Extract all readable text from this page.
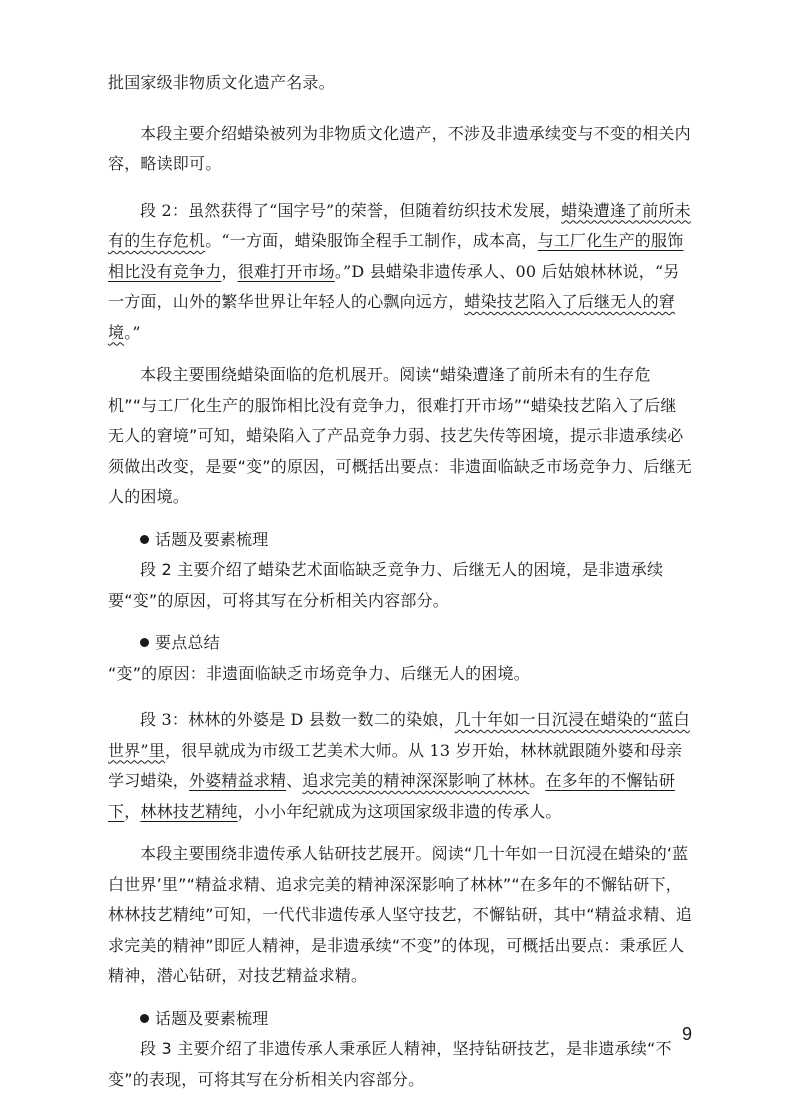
批国家级非物质文化遗产名录。

本段主要介绍蜡染被列为非物质文化遗产，不涉及非遗承续变与不变的相关内容，略读即可。

段 2：虽然获得了“国字号”的荣誉，但随着纺织技术发展，蜡染遭逢了前所未有的生存危机。“一方面，蜡染服饰全程手工制作，成本高，与工厂化生产的服饰相比没有竞争力，很难打开市场。”D 县蜡染非遗传承人、00 后姑娘林林说，“另一方面，山外的繁华世界让年轻人的心飘向远方，蜡染技艺陷入了后继无人的窘境。”

本段主要围绕蜡染面临的危机展开。阅读“蜡染遭逢了前所未有的生存危机”“与工厂化生产的服饰相比没有竞争力，很难打开市场”“蜡染技艺陷入了后继无人的窘境”可知，蜡染陷入了产品竞争力弱、技艺失传等困境，提示非遗承续必须做出改变，是要“变”的原因，可概括出要点：非遗面临缺乏市场竞争力、后继无人的困境。

话题及要素梳理

段 2 主要介绍了蜡染艺术面临缺乏竞争力、后继无人的困境，是非遗承续要“变”的原因，可将其写在分析相关内容部分。

要点总结

“变”的原因：非遗面临缺乏市场竞争力、后继无人的困境。

段 3：林林的外婆是 D 县数一数二的染娘，几十年如一日沉浸在蜡染的“蓝白世界”里，很早就成为市级工艺美术大师。从 13 岁开始，林林就跟随外婆和母亲学习蜡染，外婆精益求精、追求完美的精神深深影响了林林。在多年的不懈钻研下，林林技艺精纯，小小年纪就成为这项国家级非遗的传承人。

本段主要围绕非遗传承人钻研技艺展开。阅读“几十年如一日沉浸在蜡染的‘蓝白世界’里”“精益求精、追求完美的精神深深影响了林林”“在多年的不懈钻研下，林林技艺精纯”可知，一代代非遗传承人坚守技艺，不懈钻研，其中“精益求精、追求完美的精神”即匠人精神，是非遗承续“不变”的体现，可概括出要点：秉承匠人精神，潜心钻研，对技艺精益求精。

话题及要素梳理

段 3 主要介绍了非遗传承人秉承匠人精神，坚持钻研技艺，是非遗承续“不变”的表现，可将其写在分析相关内容部分。

9
